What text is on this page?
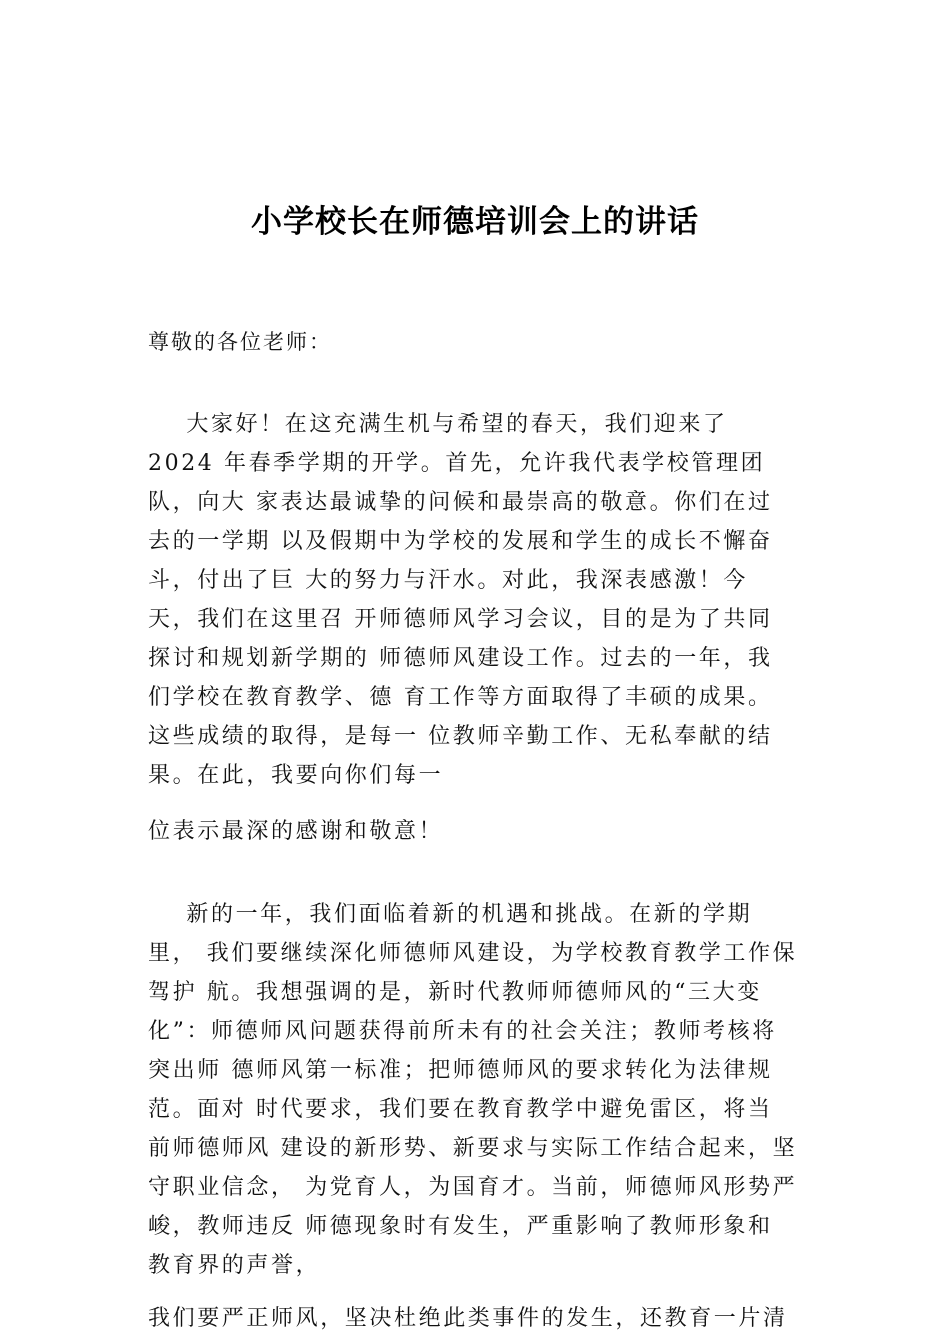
小学校长在师德培训会上的讲话
尊敬的各位老师：
大家好！在这充满生机与希望的春天，我们迎来了
2024 年春季学期的开学。首先，允许我代表学校管理团
队，向大 家表达最诚挚的问候和最崇高的敬意。你们在过
去的一学期 以及假期中为学校的发展和学生的成长不懈奋
斗，付出了巨 大的努力与汗水。对此，我深表感激！今
天，我们在这里召 开师德师风学习会议，目的是为了共同
探讨和规划新学期的 师德师风建设工作。过去的一年，我
们学校在教育教学、德 育工作等方面取得了丰硕的成果。
这些成绩的取得，是每一 位教师辛勤工作、无私奉献的结
果。在此，我要向你们每一
位表示最深的感谢和敬意！
新的一年，我们面临着新的机遇和挑战。在新的学期
里， 我们要继续深化师德师风建设，为学校教育教学工作保
驾护 航。我想强调的是，新时代教师师德师风的“三大变
化”：师德师风问题获得前所未有的社会关注；教师考核将
突出师 德师风第一标准；把师德师风的要求转化为法律规
范。面对 时代要求，我们要在教育教学中避免雷区，将当
前师德师风 建设的新形势、新要求与实际工作结合起来，坚
守职业信念， 为党育人，为国育才。当前，师德师风形势严
峻，教师违反 师德现象时有发生，严重影响了教师形象和
教育界的声誉，
我们要严正师风，坚决杜绝此类事件的发生，还教育一片清
